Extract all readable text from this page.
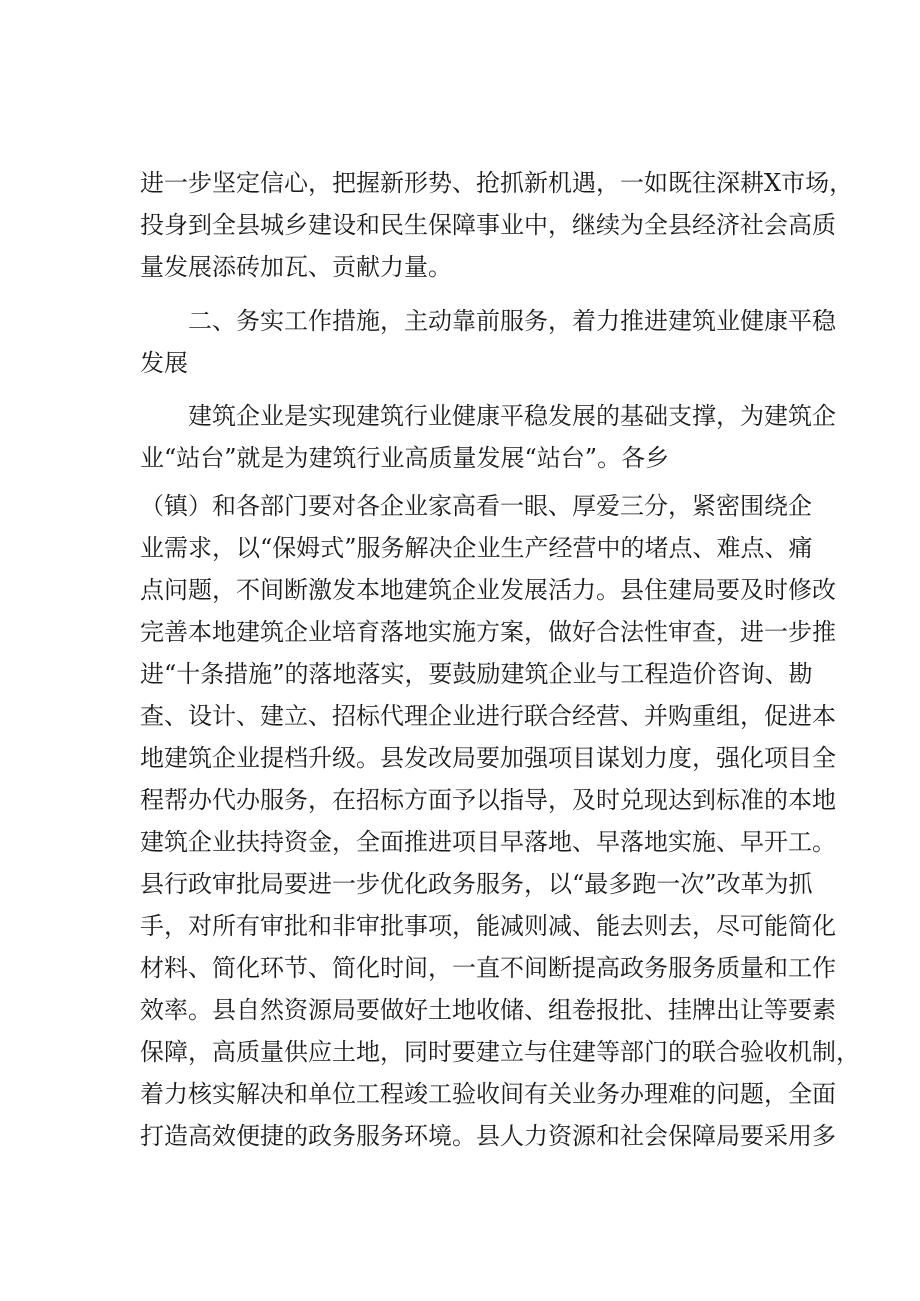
进一步坚定信心，把握新形势、抢抓新机遇，一如既往深耕X市场，
投身到全县城乡建设和民生保障事业中，继续为全县经济社会高质
量发展添砖加瓦、贡献力量。
二、务实工作措施，主动靠前服务，着力推进建筑业健康平稳
发展
建筑企业是实现建筑行业健康平稳发展的基础支撑，为建筑企
业“站台”就是为建筑行业高质量发展“站台”。各乡
（镇）和各部门要对各企业家高看一眼、厚爱三分，紧密围绕企
业需求，以“保姆式”服务解决企业生产经营中的堵点、难点、痛
点问题，不间断激发本地建筑企业发展活力。县住建局要及时修改
完善本地建筑企业培育落地实施方案，做好合法性审查，进一步推
进“十条措施”的落地落实，要鼓励建筑企业与工程造价咨询、勘
查、设计、建立、招标代理企业进行联合经营、并购重组，促进本
地建筑企业提档升级。县发改局要加强项目谋划力度，强化项目全
程帮办代办服务，在招标方面予以指导，及时兑现达到标准的本地
建筑企业扶持资金，全面推进项目早落地、早落地实施、早开工。
县行政审批局要进一步优化政务服务，以“最多跑一次”改革为抓
手，对所有审批和非审批事项，能减则减、能去则去，尽可能简化
材料、简化环节、简化时间，一直不间断提高政务服务质量和工作
效率。县自然资源局要做好土地收储、组卷报批、挂牌出让等要素
保障，高质量供应土地，同时要建立与住建等部门的联合验收机制，
着力核实解决和单位工程竣工验收间有关业务办理难的问题，全面
打造高效便捷的政务服务环境。县人力资源和社会保障局要采用多
